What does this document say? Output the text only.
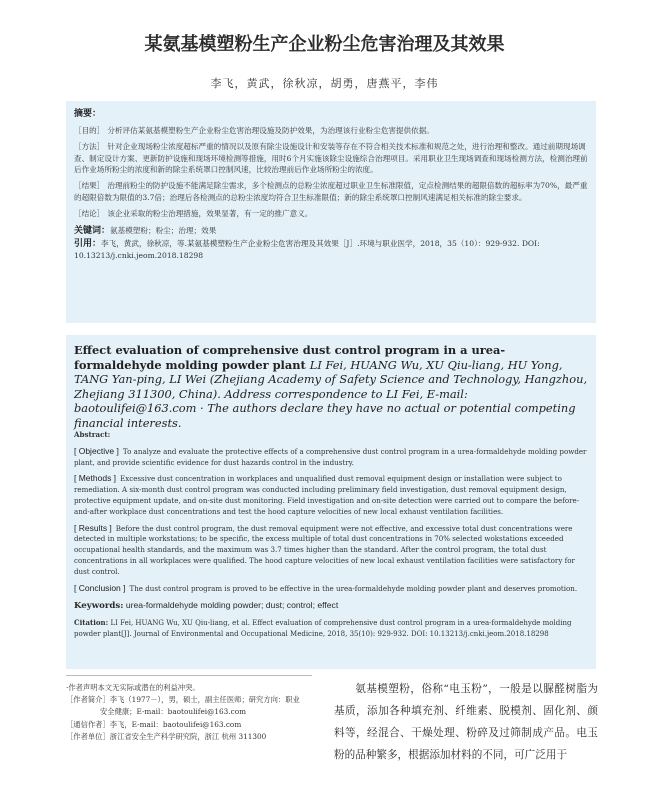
某氨基模塑粉生产企业粉尘危害治理及其效果
李飞，黄武，徐秋凉，胡勇，唐燕平，李伟

摘要：

［目的］ 分析评估某氨基模塑粉生产企业粉尘危害治理设施及防护效果，为治理该行业粉尘危害提供依据。

［方法］ 针对企业现场粉尘浓度超标严重的情况以及原有除尘设施设计和安装等存在不符合相关技术标准和规范之处，进行治理和整改。通过前期现场调查、制定设计方案、更新防护设施和现场环境检测等措施，用时6个月实施该除尘设施综合治理项目。采用职业卫生现场调查和现场检测方法，检测治理前后作业场所粉尘的浓度和新的除尘系统罩口控制风速，比较治理前后作业场所粉尘的浓度。

［结果］ 治理前粉尘的防护设施不能满足除尘需求，多个检测点的总粉尘浓度超过职业卫生标准限值，定点检测结果的超限倍数的超标率为70%，最严重的超限倍数为限值的3.7倍；治理后各检测点的总粉尘浓度均符合卫生标准限值；新的除尘系统罩口控制风速满足相关标准的除尘要求。

［结论］ 该企业采取的粉尘治理措施，效果显著，有一定的推广意义。

关键词：氨基模塑粉；粉尘；治理；效果

引用：李飞，黄武，徐秋凉，等.某氨基模塑粉生产企业粉尘危害治理及其效果［J］.环境与职业医学，2018，35（10）：929-932. DOI: 10.13213/j.cnki.jeom.2018.18298

Effect evaluation of comprehensive dust control program in a urea-formaldehyde molding powder plant LI Fei, HUANG Wu, XU Qiu-liang, HU Yong, TANG Yan-ping, LI Wei (Zhejiang Academy of Safety Science and Technology, Hangzhou, Zhejiang 311300, China). Address correspondence to LI Fei, E-mail: baotoulifei@163.com · The authors declare they have no actual or potential competing financial interests.

Abstract:

[ Objective ] To analyze and evaluate the protective effects of a comprehensive dust control program in a urea-formaldehyde molding powder plant, and provide scientific evidence for dust hazards control in the industry.

[ Methods ] Excessive dust concentration in workplaces and unqualified dust removal equipment design or installation were subject to remediation. A six-month dust control program was conducted including preliminary field investigation, dust removal equipment design, protective equipment update, and on-site dust monitoring. Field investigation and on-site detection were carried out to compare the before-and-after workplace dust concentrations and test the hood capture velocities of new local exhaust ventilation facilities.

[ Results ] Before the dust control program, the dust removal equipment were not effective, and excessive total dust concentrations were detected in multiple workstations; to be specific, the excess multiple of total dust concentrations in 70% selected wokstations exceeded occupational health standards, and the maximum was 3.7 times higher than the standard. After the control program, the total dust concentrations in all workplaces were qualified. The hood capture velocities of new local exhaust ventilation facilities were satisfactory for dust control.

[ Conclusion ] The dust control program is proved to be effective in the urea-formaldehyde molding powder plant and deserves promotion.

Keywords: urea-formaldehyde molding powder; dust; control; effect

Citation: LI Fei, HUANG Wu, XU Qiu-liang, et al. Effect evaluation of comprehensive dust control program in a urea-formaldehyde molding powder plant[J]. Journal of Environmental and Occupational Medicine, 2018, 35(10): 929-932. DOI: 10.13213/j.cnki.jeom.2018.18298

·作者声明本文无实际或潜在的利益冲突。

［作者简介］李飞（1977－），男，硕士，副主任医师；研究方向：职业

安全健康；E-mail：baotoulifei@163.com

［通信作者］李飞，E-mail：baotoulifei@163.com

［作者单位］浙江省安全生产科学研究院，浙江 杭州 311300

氨基模塑粉，俗称“电玉粉”，一般是以脲醛树脂为基质，添加各种填充剂、纤维素、脱模剂、固化剂、颜料等，经混合、干燥处理、粉碎及过筛制成产品。电玉粉的品种繁多，根据添加材料的不同，可广泛用于
